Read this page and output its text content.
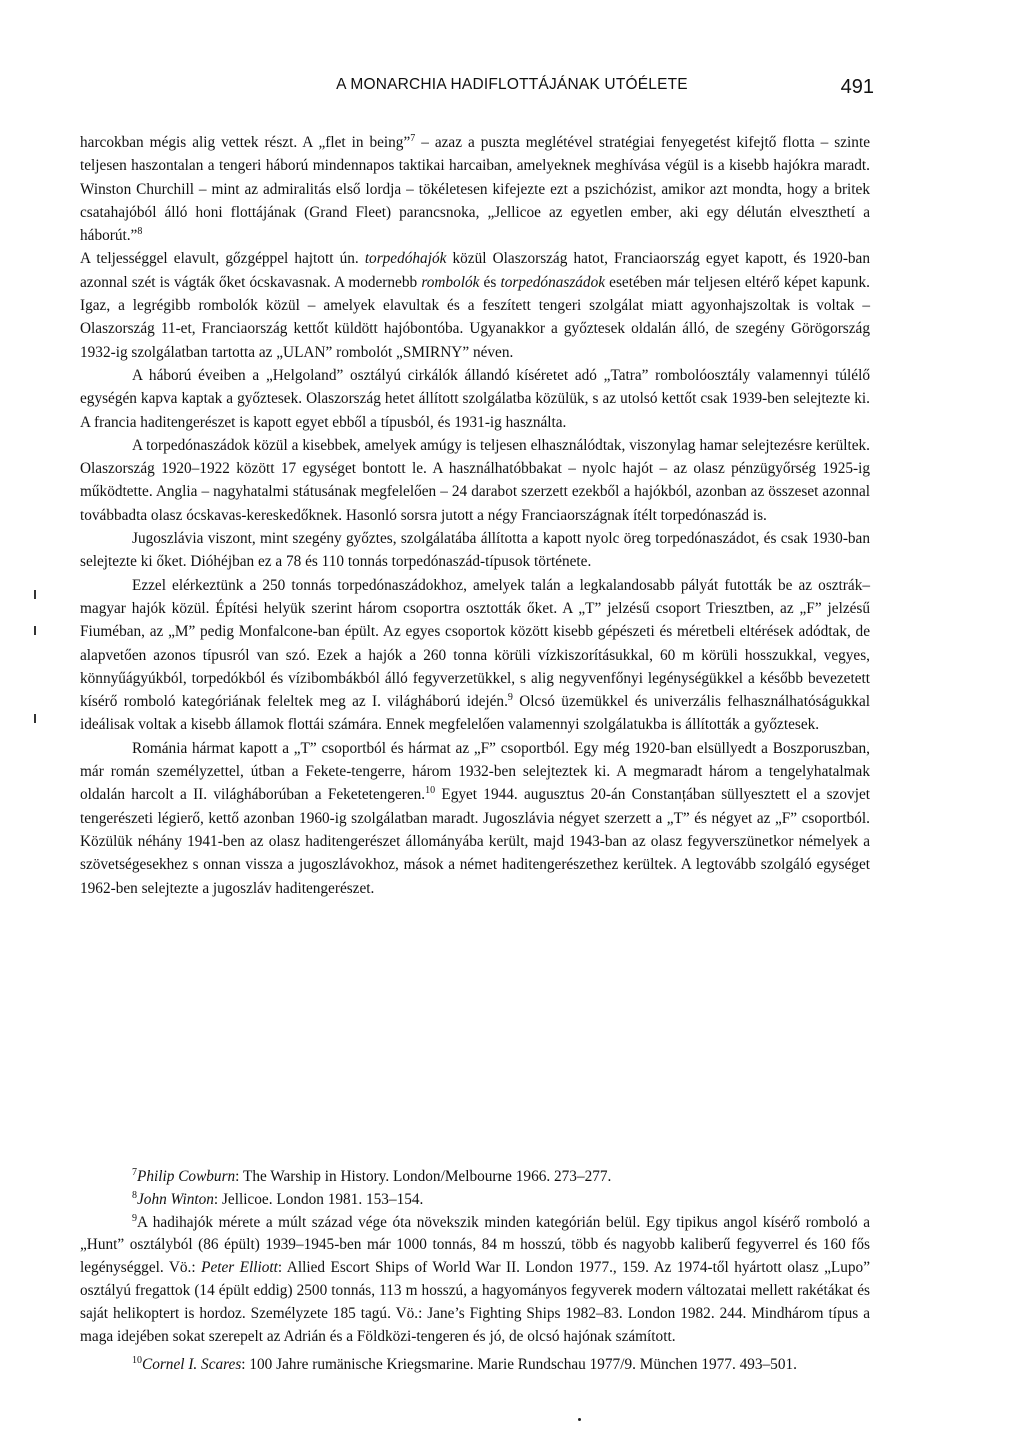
A MONARCHIA HADIFLOTTÁJÁNAK UTÓÉLETE	491

harcokban mégis alig vettek részt. A „flet in being”$^7$ – azaz a puszta meglétével stratégiai fenyegetést kifejtő flotta – szinte teljesen haszontalan a tengeri háború mindennapos taktikai harcaiban, amelyeknek meghívása végül is a kisebb hajókra maradt. Winston Churchill – mint az admiralitás első lordja – tökéletesen kifejezte ezt a pszichózist, amikor azt mondta, hogy a britek csatahajóból álló honi flottájának (Grand Fleet) parancsnoka, „Jellicoe az egyetlen ember, aki egy délután elveszthetí a háborút.”$^8$

A teljességgel elavult, gőzgéppel hajtott ún. torpedóhajók közül Olaszország hatot, Franciaország egyet kapott, és 1920-ban azonnal szét is vágták őket ócskavasnak. A modernebb rombolók és torpedónaszádok esetében már teljesen eltérő képet kapunk. Igaz, a legrégibb rombolók közül – amelyek elavultak és a feszített tengeri szolgálat miatt agyonhajszoltak is voltak – Olaszország 11-et, Franciaország kettőt küldött hajóbontóba. Ugyanakkor a győztesek oldalán álló, de szegény Görögország 1932-ig szolgálatban tartotta az „ULAN” rombolót „SMIRNY” néven.

A háború éveiben a „Helgoland” osztályú cirkálók állandó kíséretet adó „Tatra” rombolóosztály valamennyi túlélő egységén kapva kaptak a győztesek. Olaszország hetet állított szolgálatba közülük, s az utolsó kettőt csak 1939-ben selejtezte ki. A francia haditengerészet is kapott egyet ebből a típusból, és 1931-ig használta.

A torpedónaszádok közül a kisebbek, amelyek amúgy is teljesen elhasználódtak, viszonylag hamar selejtezésre kerültek. Olaszország 1920–1922 között 17 egységet bontott le. A használhatóbbakat – nyolc hajót – az olasz pénzügyőrség 1925-ig működtette. Anglia – nagyhatalmi státusának megfelelően – 24 darabot szerzett ezekből a hajókból, azonban az összeset azonnal továbbadta olasz ócskavas-kereskedőknek. Hasonló sorsra jutott a négy Franciaországnak ítélt torpedónaszád is.

Jugoszlávia viszont, mint szegény győztes, szolgálatába állította a kapott nyolc öreg torpedónaszádot, és csak 1930-ban selejtezte ki őket. Dióhéjban ez a 78 és 110 tonnás torpedónaszád-típusok története.

Ezzel elérkeztünk a 250 tonnás torpedónaszádokhoz, amelyek talán a legkalandosabb pályát futották be az osztrák–magyar hajók közül. Építési helyük szerint három csoportra osztották őket. A „T” jelzésű csoport Triesztben, az „F” jelzésű Fiuméban, az „M” pedig Monfalcone-ban épült. Az egyes csoportok között kisebb gépészeti és méretbeli eltérések adódtak, de alapvetően azonos típusról van szó. Ezek a hajók a 260 tonna körüli vízkiszorításukkal, 60 m körüli hosszukkal, vegyes, könnyűágyúkból, torpedókból és vízibombákból álló fegyverzetükkel, s alig negyvenfőnyi legénységükkel a később bevezetett kísérő romboló kategóriának feleltek meg az I. világháború idején.$^9$ Olcsó üzemükkel és univerzális felhasználhatóságukkal ideálisak voltak a kisebb államok flottái számára. Ennek megfelelően valamennyi szolgálatukba is állították a győztesek.

Románia hármat kapott a „T” csoportból és hármat az „F” csoportból. Egy még 1920-ban elsüllyedt a Boszporuszban, már román személyzettel, útban a Fekete-tengerre, három 1932-ben selejteztek ki. A megmaradt három a tengelyhatalmak oldalán harcolt a II. világháborúban a Feketetengeren.$^{10}$ Egyet 1944. augusztus 20-án Constanțában süllyesztett el a szovjet tengerészeti légierő, kettő azonban 1960-ig szolgálatban maradt. Jugoszlávia négyet szerzett a „T” és négyet az „F” csoportból. Közülük néhány 1941-ben az olasz haditengerészet állományába került, majd 1943-ban az olasz fegyverszünetkor némelyek a szövetségesekhez s onnan vissza a jugoszlávokhoz, mások a német haditengerészethez kerültek. A legtovább szolgáló egységet 1962-ben selejtezte a jugoszláv haditengerészet.

$^7$Philip Cowburn: The Warship in History. London/Melbourne 1966. 273–277.

$^8$John Winton: Jellicoe. London 1981. 153–154.

$^9$A hadihajók mérete a múlt század vége óta növekszik minden kategórián belül. Egy tipikus angol kísérő romboló a „Hunt” osztályból (86 épült) 1939–1945-ben már 1000 tonnás, 84 m hosszú, több és nagyobb kaliberű fegyverrel és 160 fős legénységgel. Vö.: Peter Elliott: Allied Escort Ships of World War II. London 1977., 159. Az 1974-től hyártott olasz „Lupo” osztályú fregattok (14 épült eddig) 2500 tonnás, 113 m hosszú, a hagyományos fegyverek modern változatai mellett rakétákat és saját helikoptert is hordoz. Személyzete 185 tagú. Vö.: Jane’s Fighting Ships 1982–83. London 1982. 244. Mindhárom típus a maga idejében sokat szerepelt az Adrián és a Földközi-tengeren és jó, de olcsó hajónak számított.

$^{10}$Cornel I. Scares: 100 Jahre rumänische Kriegsmarine. Marie Rundschau 1977/9. München 1977. 493–501.
